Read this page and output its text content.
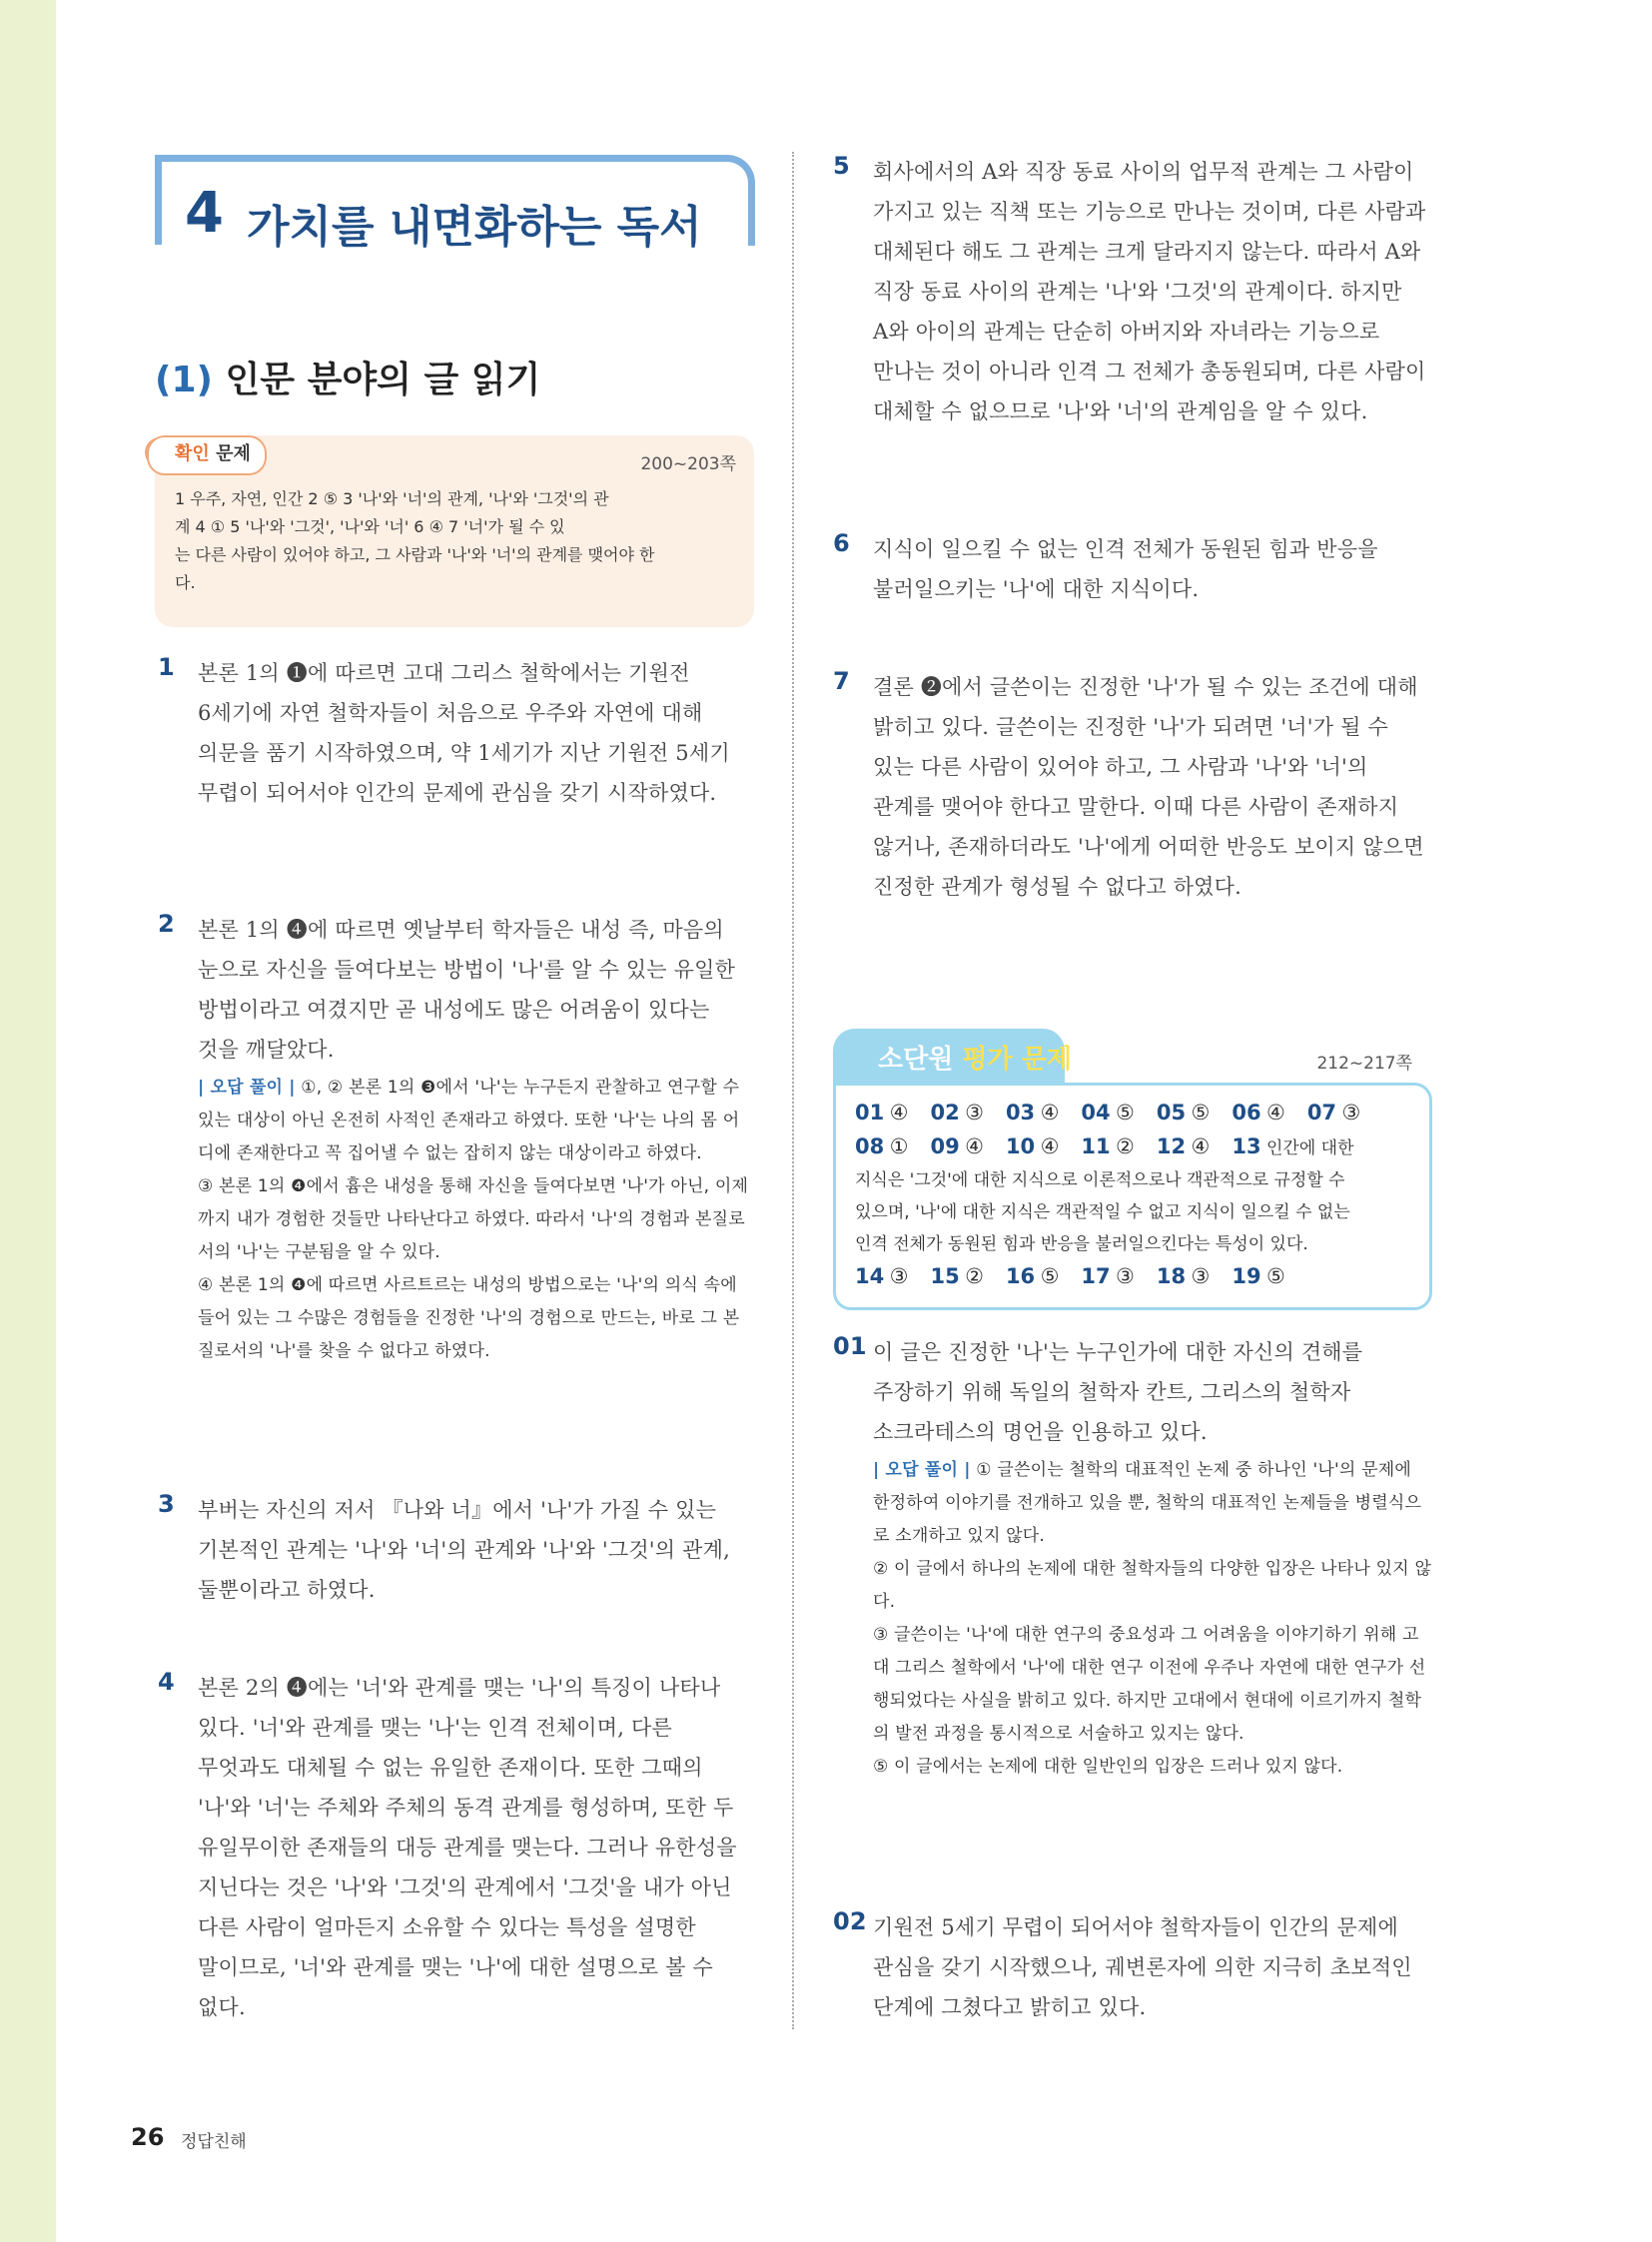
4 가치를 내면화하는 독서
(1) 인문 분야의 글 읽기
확인 문제	200~203쪽
1 우주, 자연, 인간 2 ⑤ 3 '나'와 '너'의 관계, '나'와 '그것'의 관
계 4 ① 5 '나'와 '그것', '나'와 '너' 6 ④ 7 '너'가 될 수 있
는 다른 사람이 있어야 하고, 그 사람과 '나'와 '너'의 관계를 맺어야 한
다.
1 본론 1의 ❶에 따르면 고대 그리스 철학에서는 기원전 6세기에 자연 철학자들이 처음으로 우주와 자연에 대해 의문을 품기 시작하였으며, 약 1세기가 지난 기원전 5세기 무렵이 되어서야 인간의 문제에 관심을 갖기 시작하였다.
2 본론 1의 ❹에 따르면 옛날부터 학자들은 내성 즉, 마음의 눈으로 자신을 들여다보는 방법이 '나'를 알 수 있는 유일한 방법이라고 여겼지만 곧 내성에도 많은 어려움이 있다는 것을 깨달았다.

| 오답 풀이 | ①, ② 본론 1의 ❸에서 '나'는 누구든지 관찰하고 연구할 수 있는 대상이 아닌 온전히 사적인 존재라고 하였다. 또한 '나'는 나의 몸 어디에 존재한다고 꼭 집어낼 수 없는 잡히지 않는 대상이라고 하였다.

③ 본론 1의 ❹에서 흄은 내성을 통해 자신을 들여다보면 '나'가 아닌, 이제까지 내가 경험한 것들만 나타난다고 하였다. 따라서 '나'의 경험과 본질로서의 '나'는 구분됨을 알 수 있다.

④ 본론 1의 ❹에 따르면 사르트르는 내성의 방법으로는 '나'의 의식 속에 들어 있는 그 수많은 경험들을 진정한 '나'의 경험으로 만드는, 바로 그 본질로서의 '나'를 찾을 수 없다고 하였다.

3 부버는 자신의 저서 『나와 너』에서 '나'가 가질 수 있는 기본적인 관계는 '나'와 '너'의 관계와 '나'와 '그것'의 관계, 둘뿐이라고 하였다.
4 본론 2의 ❹에는 '너'와 관계를 맺는 '나'의 특징이 나타나 있다. '너'와 관계를 맺는 '나'는 인격 전체이며, 다른 무엇과도 대체될 수 없는 유일한 존재이다. 또한 그때의 '나'와 '너'는 주체와 주체의 동격 관계를 형성하며, 또한 두 유일무이한 존재들의 대등 관계를 맺는다. 그러나 유한성을 지닌다는 것은 '나'와 '그것'의 관계에서 '그것'을 내가 아닌 다른 사람이 얼마든지 소유할 수 있다는 특성을 설명한 말이므로, '너'와 관계를 맺는 '나'에 대한 설명으로 볼 수 없다.
5 회사에서의 A와 직장 동료 사이의 업무적 관계는 그 사람이 가지고 있는 직책 또는 기능으로 만나는 것이며, 다른 사람과 대체된다 해도 그 관계는 크게 달라지지 않는다. 따라서 A와 직장 동료 사이의 관계는 '나'와 '그것'의 관계이다. 하지만 A와 아이의 관계는 단순히 아버지와 자녀라는 기능으로 만나는 것이 아니라 인격 그 전체가 총동원되며, 다른 사람이 대체할 수 없으므로 '나'와 '너'의 관계임을 알 수 있다.
6 지식이 일으킬 수 없는 인격 전체가 동원된 힘과 반응을 불러일으키는 '나'에 대한 지식이다.
7 결론 ❷에서 글쓴이는 진정한 '나'가 될 수 있는 조건에 대해 밝히고 있다. 글쓴이는 진정한 '나'가 되려면 '너'가 될 수 있는 다른 사람이 있어야 하고, 그 사람과 '나'와 '너'의 관계를 맺어야 한다고 말한다. 이때 다른 사람이 존재하지 않거나, 존재하더라도 '나'에게 어떠한 반응도 보이지 않으면 진정한 관계가 형성될 수 없다고 하였다.
소단원 평가 문제	212~217쪽
01 ④ 02 ③ 03 ④ 04 ⑤ 05 ⑤ 06 ④ 07 ③
08 ① 09 ④ 10 ④ 11 ② 12 ④ 13 인간에 대한
지식은 '그것'에 대한 지식으로 이론적으로나 객관적으로 규정할 수
있으며, '나'에 대한 지식은 객관적일 수 없고 지식이 일으킬 수 없는
인격 전체가 동원된 힘과 반응을 불러일으킨다는 특성이 있다.
14 ③ 15 ② 16 ⑤ 17 ③ 18 ③ 19 ⑤
01 이 글은 진정한 '나'는 누구인가에 대한 자신의 견해를 주장하기 위해 독일의 철학자 칸트, 그리스의 철학자 소크라테스의 명언을 인용하고 있다.

| 오답 풀이 | ① 글쓴이는 철학의 대표적인 논제 중 하나인 '나'의 문제에 한정하여 이야기를 전개하고 있을 뿐, 철학의 대표적인 논제들을 병렬식으로 소개하고 있지 않다.

② 이 글에서 하나의 논제에 대한 철학자들의 다양한 입장은 나타나 있지 않다.

③ 글쓴이는 '나'에 대한 연구의 중요성과 그 어려움을 이야기하기 위해 고대 그리스 철학에서 '나'에 대한 연구 이전에 우주나 자연에 대한 연구가 선행되었다는 사실을 밝히고 있다. 하지만 고대에서 현대에 이르기까지 철학의 발전 과정을 통시적으로 서술하고 있지는 않다.

⑤ 이 글에서는 논제에 대한 일반인의 입장은 드러나 있지 않다.

02 기원전 5세기 무렵이 되어서야 철학자들이 인간의 문제에 관심을 갖기 시작했으나, 궤변론자에 의한 지극히 초보적인 단계에 그쳤다고 밝히고 있다.
26 정답친해
